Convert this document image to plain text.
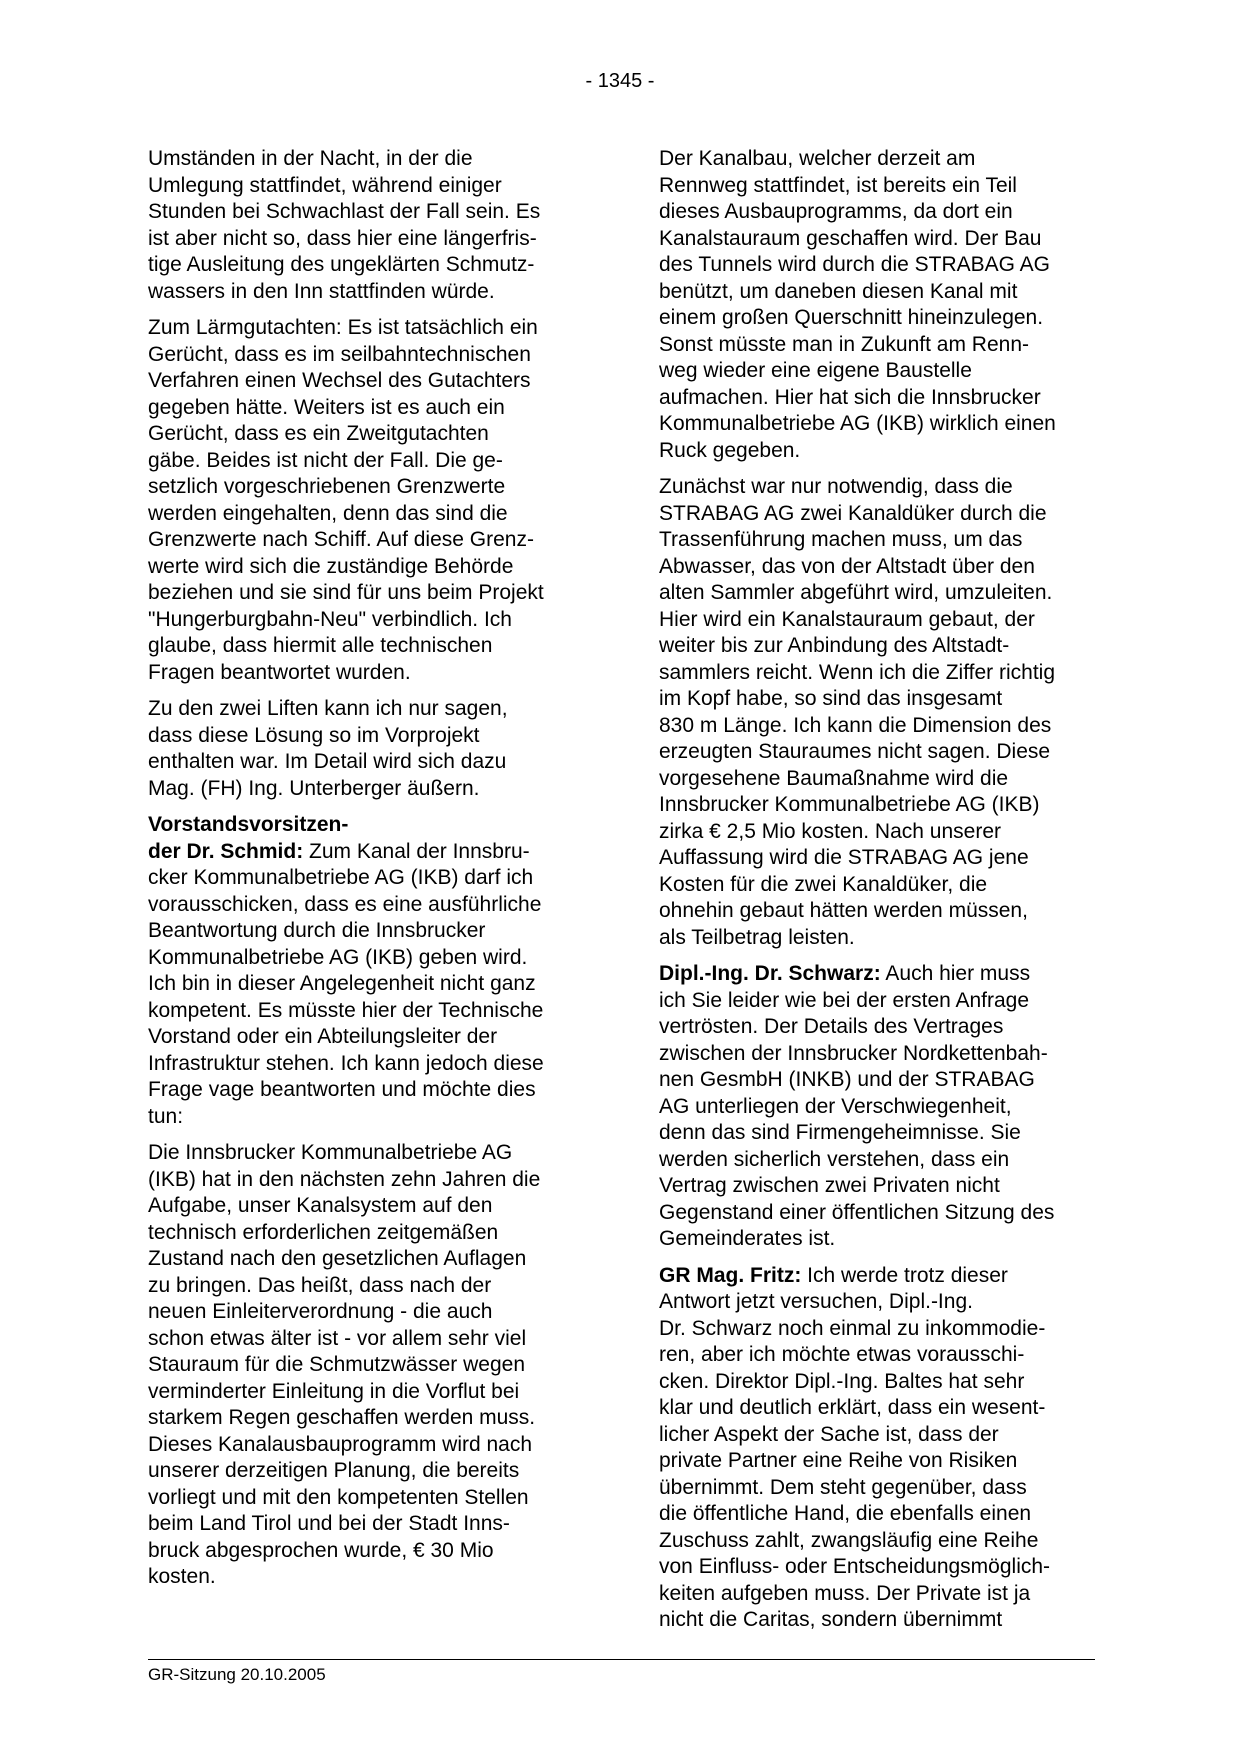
- 1345 -

Umständen in der Nacht, in der die
Umlegung stattfindet, während einiger
Stunden bei Schwachlast der Fall sein. Es
ist aber nicht so, dass hier eine längerfris-
tige Ausleitung des ungeklärten Schmutz-
wassers in den Inn stattfinden würde.

Zum Lärmgutachten: Es ist tatsächlich ein
Gerücht, dass es im seilbahntechnischen
Verfahren einen Wechsel des Gutachters
gegeben hätte. Weiters ist es auch ein
Gerücht, dass es ein Zweitgutachten
gäbe. Beides ist nicht der Fall. Die ge-
setzlich vorgeschriebenen Grenzwerte
werden eingehalten, denn das sind die
Grenzwerte nach Schiff. Auf diese Grenz-
werte wird sich die zuständige Behörde
beziehen und sie sind für uns beim Projekt
"Hungerburgbahn-Neu" verbindlich. Ich
glaube, dass hiermit alle technischen
Fragen beantwortet wurden.

Zu den zwei Liften kann ich nur sagen,
dass diese Lösung so im Vorprojekt
enthalten war. Im Detail wird sich dazu
Mag. (FH) Ing. Unterberger äußern.

Vorstandsvorsitzen-
der Dr. Schmid: Zum Kanal der Innsbru-
cker Kommunalbetriebe AG (IKB) darf ich
vorausschicken, dass es eine ausführliche
Beantwortung durch die Innsbrucker
Kommunalbetriebe AG (IKB) geben wird.
Ich bin in dieser Angelegenheit nicht ganz
kompetent. Es müsste hier der Technische
Vorstand oder ein Abteilungsleiter der
Infrastruktur stehen. Ich kann jedoch diese
Frage vage beantworten und möchte dies
tun:

Die Innsbrucker Kommunalbetriebe AG
(IKB) hat in den nächsten zehn Jahren die
Aufgabe, unser Kanalsystem auf den
technisch erforderlichen zeitgemäßen
Zustand nach den gesetzlichen Auflagen
zu bringen. Das heißt, dass nach der
neuen Einleiterverordnung - die auch
schon etwas älter ist - vor allem sehr viel
Stauraum für die Schmutzwässer wegen
verminderter Einleitung in die Vorflut bei
starkem Regen geschaffen werden muss.
Dieses Kanalausbauprogramm wird nach
unserer derzeitigen Planung, die bereits
vorliegt und mit den kompetenten Stellen
beim Land Tirol und bei der Stadt Inns-
bruck abgesprochen wurde, € 30 Mio
kosten.

Der Kanalbau, welcher derzeit am
Rennweg stattfindet, ist bereits ein Teil
dieses Ausbauprogramms, da dort ein
Kanalstauraum geschaffen wird. Der Bau
des Tunnels wird durch die STRABAG AG
benützt, um daneben diesen Kanal mit
einem großen Querschnitt hineinzulegen.
Sonst müsste man in Zukunft am Renn-
weg wieder eine eigene Baustelle
aufmachen. Hier hat sich die Innsbrucker
Kommunalbetriebe AG (IKB) wirklich einen
Ruck gegeben.

Zunächst war nur notwendig, dass die
STRABAG AG zwei Kanaldüker durch die
Trassenführung machen muss, um das
Abwasser, das von der Altstadt über den
alten Sammler abgeführt wird, umzuleiten.
Hier wird ein Kanalstauraum gebaut, der
weiter bis zur Anbindung des Altstadt-
sammlers reicht. Wenn ich die Ziffer richtig
im Kopf habe, so sind das insgesamt
830 m Länge. Ich kann die Dimension des
erzeugten Stauraumes nicht sagen. Diese
vorgesehene Baumaßnahme wird die
Innsbrucker Kommunalbetriebe AG (IKB)
zirka € 2,5 Mio kosten. Nach unserer
Auffassung wird die STRABAG AG jene
Kosten für die zwei Kanaldüker, die
ohnehin gebaut hätten werden müssen,
als Teilbetrag leisten.

Dipl.-Ing. Dr. Schwarz: Auch hier muss
ich Sie leider wie bei der ersten Anfrage
vertrösten. Der Details des Vertrages
zwischen der Innsbrucker Nordkettenbah-
nen GesmbH (INKB) und der STRABAG
AG unterliegen der Verschwiegenheit,
denn das sind Firmengeheimnisse. Sie
werden sicherlich verstehen, dass ein
Vertrag zwischen zwei Privaten nicht
Gegenstand einer öffentlichen Sitzung des
Gemeinderates ist.

GR Mag. Fritz: Ich werde trotz dieser
Antwort jetzt versuchen, Dipl.-Ing.
Dr. Schwarz noch einmal zu inkommodie-
ren, aber ich möchte etwas vorausschi-
cken. Direktor Dipl.-Ing. Baltes hat sehr
klar und deutlich erklärt, dass ein wesent-
licher Aspekt der Sache ist, dass der
private Partner eine Reihe von Risiken
übernimmt. Dem steht gegenüber, dass
die öffentliche Hand, die ebenfalls einen
Zuschuss zahlt, zwangsläufig eine Reihe
von Einfluss- oder Entscheidungsmöglich-
keiten aufgeben muss. Der Private ist ja
nicht die Caritas, sondern übernimmt

GR-Sitzung 20.10.2005
